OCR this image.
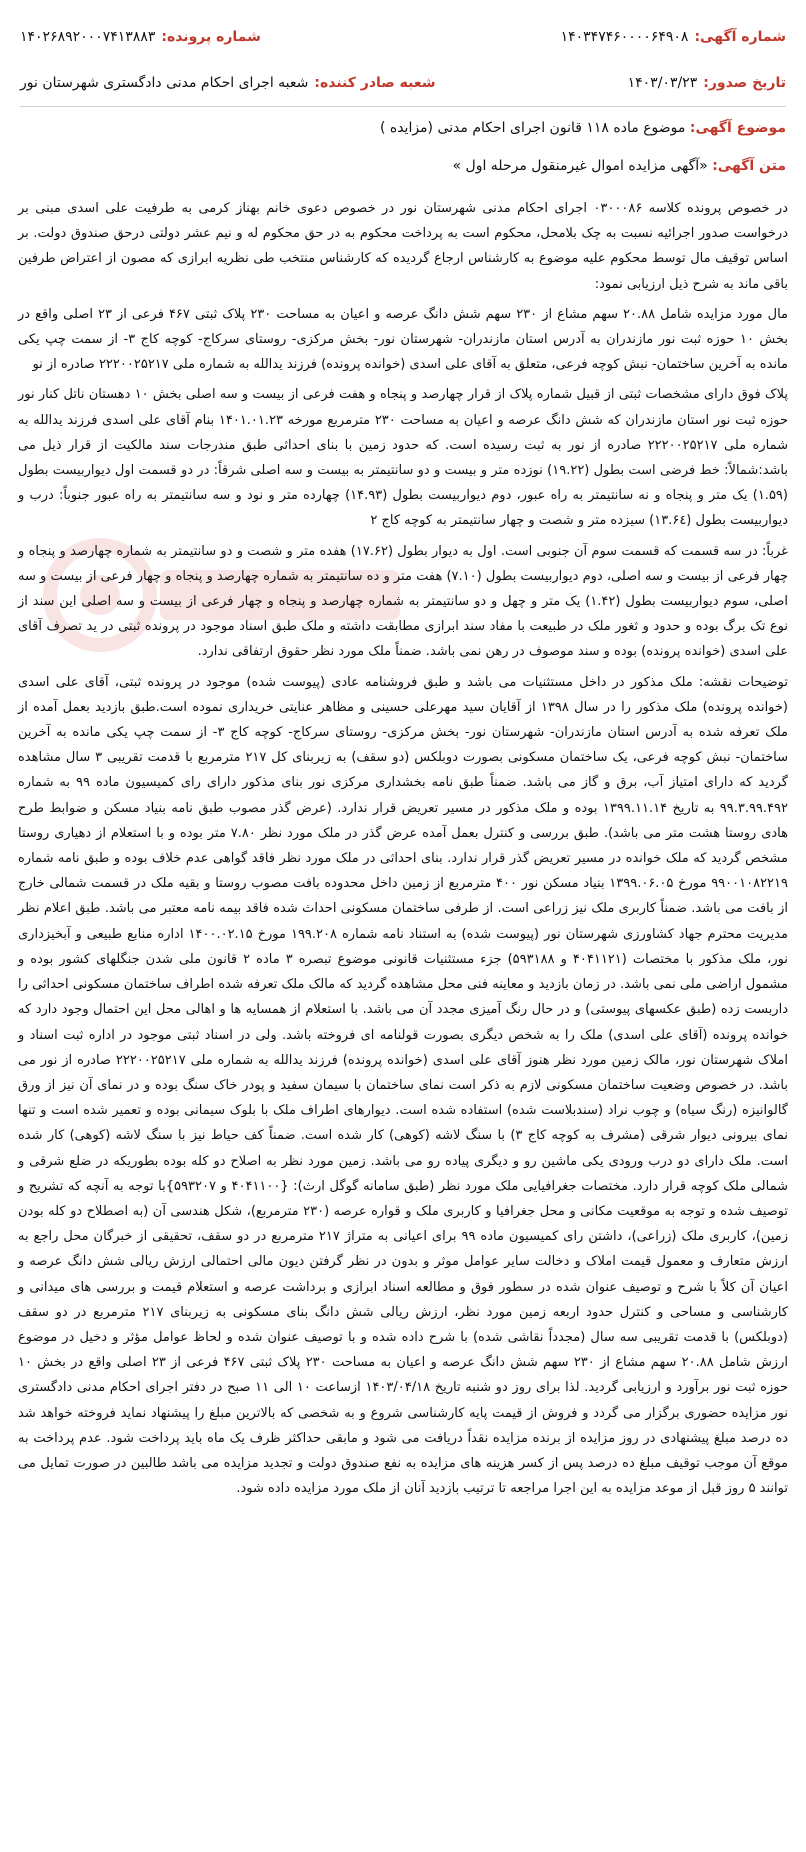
شماره آگهی:
۱۴۰۳۴۷۴۶۰۰۰۰۶۴۹۰۸
شماره پرونده:
۱۴۰۲۶۸۹۲۰۰۰۷۴۱۳۸۸۳
تاریخ صدور:
۱۴۰۳/۰۳/۲۳
شعبه صادر کننده:
شعبه اجرای احکام مدنی دادگستری شهرستان نور
موضوع آگهی: موضوع ماده ۱۱۸ قانون اجرای احکام مدنی (مزایده )
متن آگهی: «آگهی مزایده اموال غیرمنقول مرحله اول »

در خصوص پرونده کلاسه ۰۳۰۰۰۸۶ اجرای احکام مدنی شهرستان نور در خصوص دعوی خانم بهناز کرمی به طرفیت علی اسدی مبنی بر درخواست صدور اجرائیه نسبت به چک بلامحل، محکوم است به پرداخت محکوم به در حق محکوم له و نیم عشر دولتی درحق صندوق دولت. بر اساس توقیف مال توسط محکوم علیه موضوع به کارشناس ارجاع گردیده که کارشناس منتخب طی نظریه ابرازی که مصون از اعتراض طرفین باقی ماند به شرح ذیل ارزیابی نمود:

مال مورد مزایده شامل ۲۰.۸۸ سهم مشاع از ۲۳۰ سهم شش دانگ عرصه و اعیان به مساحت ۲۳۰ پلاک ثبتی ۴۶۷ فرعی از ۲۳ اصلی واقع در بخش ۱۰ حوزه ثبت نور مازندران به آدرس استان مازندران- شهرستان نور- بخش مرکزی- روستای سرکاج- کوچه کاج ۳- از سمت چپ یکی مانده به آخرین ساختمان- نبش کوچه فرعی، متعلق به آقای علی اسدی (خوانده پرونده) فرزند یدالله به شماره ملی ۲۲۲۰۰۲۵۲۱۷ صادره از نو

پلاک فوق دارای مشخصات ثبتی از قبیل شماره پلاک از قرار چهارصد و پنجاه و هفت فرعی از بیست و سه اصلی بخش ۱۰ دهستان ناتل کنار نور حوزه ثبت نور استان مازندران که شش دانگ عرصه و اعیان به مساحت ۲۳۰ مترمربع مورخه ۱۴۰۱.۰۱.۲۳ بنام آقای علی اسدی فرزند یدالله به شماره ملی ۲۲۲۰۰۲۵۲۱۷ صادره از نور به ثبت رسیده است. که حدود زمین با بنای احداثی طبق مندرجات سند مالکیت از قرار ذیل می باشد:شمالاً: خط فرضی است بطول (۱۹.۲۲) نوزده متر و بیست و دو سانتیمتر به بیست و سه اصلی شرقاً: در دو قسمت اول دیواربیست بطول (۱.۵۹) یک متر و پنجاه و نه سانتیمتر به راه عبور، دوم دیواربیست بطول (۱۴.۹۳) چهارده متر و نود و سه سانتیمتر به راه عبور جنوباً: درب و دیواربیست بطول (۱۳.۶٤) سیزده متر و شصت و چهار سانتیمتر به کوچه کاج ۲

غرباً: در سه قسمت که قسمت سوم آن جنوبی است. اول به دیوار بطول (۱۷.۶۲) هفده متر و شصت و دو سانتیمتر به شماره چهارصد و پنجاه و چهار فرعی از بیست و سه اصلی، دوم دیواربیست بطول (۷.۱۰) هفت متر و ده سانتیمتر به شماره چهارصد و پنجاه و چهار فرعی از بیست و سه اصلی، سوم دیواربیست بطول (۱.۴۲) یک متر و چهل و دو سانتیمتر به شماره چهارصد و پنجاه و چهار فرعی از بیست و سه اصلی این سند از نوع تک برگ بوده و حدود و ثغور ملک در طبیعت با مفاد سند ابرازی مطابقت داشته و ملک طبق اسناد موجود در پرونده ثبتی در ید تصرف آقای علی اسدی (خوانده پرونده) بوده و سند موصوف در رهن نمی باشد. ضمناً ملک مورد نظر حقوق ارتفاقی ندارد.

توضیحات نقشه: ملک مذکور در داخل مستثنیات می باشد و طبق فروشنامه عادی (پیوست شده) موجود در پرونده ثبتی، آقای علی اسدی (خوانده پرونده) ملک مذکور را در سال ۱۳۹۸ از آقایان سید مهرعلی حسینی و مظاهر عنایتی خریداری نموده است.طبق بازدید بعمل آمده از ملک تعرفه شده به آدرس استان مازندران- شهرستان نور- بخش مرکزی- روستای سرکاج- کوچه کاج ۳- از سمت چپ یکی مانده به آخرین ساختمان- نبش کوچه فرعی، یک ساختمان مسکونی بصورت دوبلکس (دو سقف) به زیربنای کل ۲۱۷ مترمربع با قدمت تقریبی ۳ سال مشاهده گردید که دارای امتیاز آب، برق و گاز می باشد. ضمناً طبق نامه بخشداری مرکزی نور بنای مذکور دارای رای کمیسیون ماده ۹۹ به شماره ۹۹.۳.۹۹.۴۹۲ به تاریخ ۱۳۹۹.۱۱.۱۴ بوده و ملک مذکور در مسیر تعریض قرار ندارد. (عرض گذر مصوب طبق نامه بنیاد مسکن و ضوابط طرح هادی روستا هشت متر می باشد). طبق بررسی و کنترل بعمل آمده عرض گذر در ملک مورد نظر ۷.۸۰ متر بوده و با استعلام از دهیاری روستا مشخص گردید که ملک خوانده در مسیر تعریض گذر قرار ندارد. بنای احداثی در ملک مورد نظر فاقد گواهی عدم خلاف بوده و طبق نامه شماره ۹۹۰۰۱۰۸۲۲۱۹ مورخ ۱۳۹۹.۰۶.۰۵ بنیاد مسکن نور ۴۰۰ مترمربع از زمین داخل محدوده بافت مصوب روستا و بقیه ملک در قسمت شمالی خارج از بافت می باشد. ضمناً کاربری ملک نیز زراعی است. از طرفی ساختمان مسکونی احداث شده فاقد بیمه نامه معتبر می باشد. طبق اعلام نظر مدیریت محترم جهاد کشاورزی شهرستان نور (پیوست شده) به استناد نامه شماره ۱۹۹.۲۰۸ مورخ ۱۴۰۰.۰۲.۱۵ اداره منابع طبیعی و آبخیزداری نور، ملک مذکور با مختصات (۴۰۴۱۱۲۱ و ۵۹۳۱۸۸) جزء مستثنیات قانونی موضوع تبصره ۳ ماده ۲ قانون ملی شدن جنگلهای کشور بوده و مشمول اراضی ملی نمی باشد. در زمان بازدید و معاینه فنی محل مشاهده گردید که مالک ملک تعرفه شده اطراف ساختمان مسکونی احداثی را داربست زده (طبق عکسهای پیوستی) و در حال رنگ آمیزی مجدد آن می باشد. با استعلام از همسایه ها و اهالی محل این احتمال وجود دارد که خوانده پرونده (آقای علی اسدی) ملک را به شخص دیگری بصورت قولنامه ای فروخته باشد. ولی در اسناد ثبتی موجود در اداره ثبت اسناد و املاک شهرستان نور، مالک زمین مورد نظر هنوز آقای علی اسدی (خوانده پرونده) فرزند یدالله به شماره ملی ۲۲۲۰۰۲۵۲۱۷ صادره از نور می باشد. در خصوص وضعیت ساختمان مسکونی لازم به ذکر است نمای ساختمان با سیمان سفید و پودر خاک سنگ بوده و در نمای آن نیز از ورق گالوانیزه (رنگ سیاه) و چوب نراد (سندبلاست شده) استفاده شده است. دیوارهای اطراف ملک با بلوک سیمانی بوده و تعمیر شده است و تنها نمای بیرونی دیوار شرقی (مشرف به کوچه کاج ۳) با سنگ لاشه (کوهی) کار شده است. ضمناً کف حیاط نیز با سنگ لاشه (کوهی) کار شده است. ملک دارای دو درب ورودی یکی ماشین رو و دیگری پیاده رو می باشد. زمین مورد نظر به اصلاح دو کله بوده بطوریکه در ضلع شرقی و شمالی ملک کوچه قرار دارد. مختصات جغرافیایی ملک مورد نظر (طبق سامانه گوگل ارث): {۴۰۴۱۱۰۰ و ۵۹۳۲۰۷}با توجه به آنچه که تشریح و توصیف شده و توجه به موقعیت مکانی و محل جغرافیا و کاربری ملک و قواره عرصه (۲۳۰ مترمربع)، شکل هندسی آن (به اصطلاح دو کله بودن زمین)، کاربری ملک (زراعی)، داشتن رای کمیسیون ماده ۹۹ برای اعیانی به متراژ ۲۱۷ مترمربع در دو سقف، تحقیقی از خبرگان محل راجع به ارزش متعارف و معمول قیمت املاک و دخالت سایر عوامل موثر و بدون در نظر گرفتن دیون مالی احتمالی ارزش ریالی شش دانگ عرصه و اعیان آن کلاً با شرح و توصیف عنوان شده در سطور فوق و مطالعه اسناد ابرازی و برداشت عرصه و استعلام قیمت و بررسی های میدانی و کارشناسی و مساحی و کنترل حدود اربعه زمین مورد نظر، ارزش ریالی شش دانگ بنای مسکونی به زیربنای ۲۱۷ مترمربع در دو سقف (دوبلکس) با قدمت تقریبی سه سال (مجدداً نقاشی شده) با شرح داده شده و با توصیف عنوان شده و لحاظ عوامل مؤثر و دخیل در موضوع ارزش شامل ۲۰.۸۸ سهم مشاع از ۲۳۰ سهم شش دانگ عرصه و اعیان به مساحت ۲۳۰ پلاک ثبتی ۴۶۷ فرعی از ۲۳ اصلی واقع در بخش ۱۰ حوزه ثبت نور برآورد و ارزیابی گردید. لذا برای روز دو شنبه تاریخ ۱۴۰۳/۰۴/۱۸ ازساعت ۱۰ الی ۱۱ صبح در دفتر اجرای احکام مدنی دادگستری نور مزایده حضوری برگزار می گردد و فروش از قیمت پایه کارشناسی شروع و به شخصی که بالاترین مبلغ را پیشنهاد نماید فروخته خواهد شد ده درصد مبلغ پیشنهادی در روز مزایده از برنده مزایده نقداً دریافت می شود و مابقی حداکثر ظرف یک ماه باید پرداخت شود. عدم پرداخت به موقع آن موجب توقیف مبلغ ده درصد پس از کسر هزینه های مزایده به نفع صندوق دولت و تجدید مزایده می باشد طالبین در صورت تمایل می توانند ۵ روز قبل از موعد مزایده به این اجرا مراجعه تا ترتیب بازدید آنان از ملک مورد مزایده داده شود.
